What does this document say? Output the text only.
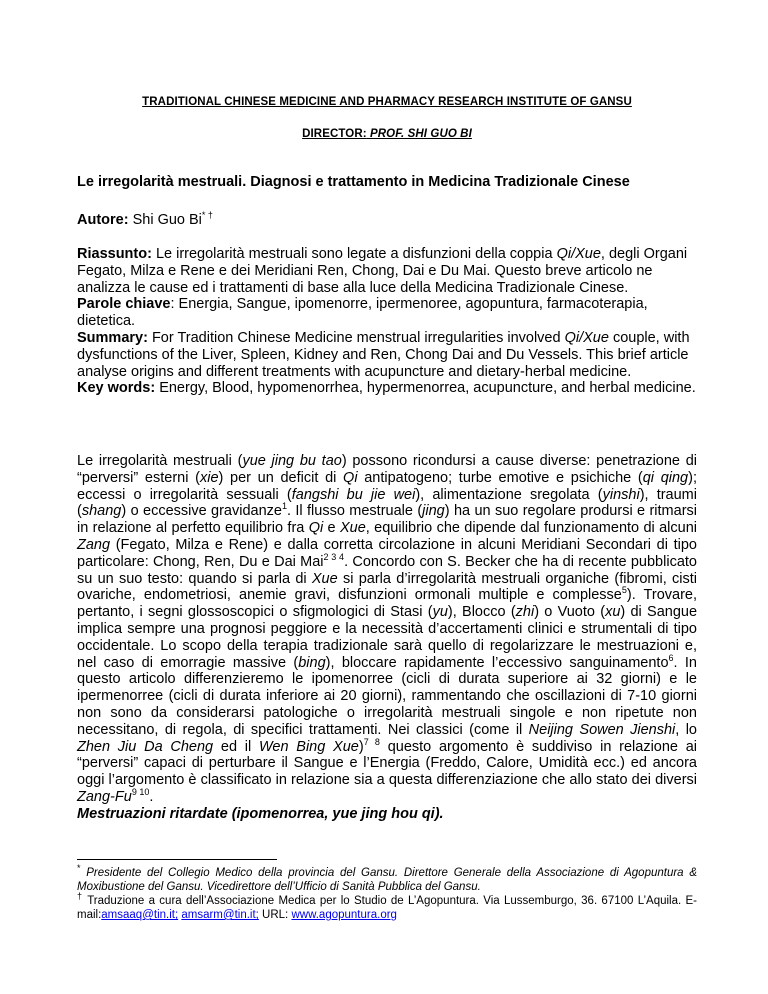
TRADITIONAL CHINESE MEDICINE AND PHARMACY RESEARCH INSTITUTE OF GANSU
DIRECTOR: PROF. SHI GUO BI
Le irregolarità mestruali. Diagnosi e trattamento in Medicina Tradizionale Cinese
Autore: Shi Guo Bi* †

Riassunto: Le irregolarità mestruali sono legate a disfunzioni della coppia Qi/Xue, degli Organi Fegato, Milza e Rene e dei Meridiani Ren, Chong, Dai e Du Mai. Questo breve articolo ne analizza le cause ed i trattamenti di base alla luce della Medicina Tradizionale Cinese.

Parole chiave: Energia, Sangue, ipomenorre, ipermenoree, agopuntura, farmacoterapia, dietetica.

Summary: For Tradition Chinese Medicine menstrual irregularities involved Qi/Xue couple, with dysfunctions of the Liver, Spleen, Kidney and Ren, Chong Dai and Du Vessels. This brief article analyse origins and different treatments with acupuncture and dietary-herbal medicine.

Key words: Energy, Blood, hypomenorrhea, hypermenorrea, acupuncture, and herbal medicine.

Le irregolarità mestruali (yue jing bu tao) possono ricondursi a cause diverse: penetrazione di “perversi” esterni (xie) per un deficit di Qi antipatogeno; turbe emotive e psichiche (qi qing); eccessi o irregolarità sessuali (fangshi bu jie wei), alimentazione sregolata (yinshi), traumi (shang) o eccessive gravidanze$^1$. Il flusso mestruale (jing) ha un suo regolare prodursi e ritmarsi in relazione al perfetto equilibrio fra Qi e Xue, equilibrio che dipende dal funzionamento di alcuni Zang (Fegato, Milza e Rene) e dalla corretta circolazione in alcuni Meridiani Secondari di tipo particolare: Chong, Ren, Du e Dai Mai$^{2 3 4}$. Concordo con S. Becker che ha di recente pubblicato su un suo testo: quando si parla di Xue si parla d’irregolarità mestruali organiche (fibromi, cisti ovariche, endometriosi, anemie gravi, disfunzioni ormonali multiple e complesse$^5$). Trovare, pertanto, i segni glossoscopici o sfigmologici di Stasi (yu), Blocco (zhi) o Vuoto (xu) di Sangue implica sempre una prognosi peggiore e la necessità d’accertamenti clinici e strumentali di tipo occidentale. Lo scopo della terapia tradizionale sarà quello di regolarizzare le mestruazioni e, nel caso di emorragie massive (bing), bloccare rapidamente l’eccessivo sanguinamento$^6$. In questo articolo differenzieremo le ipomenorree (cicli di durata superiore ai 32 giorni) e le ipermenorree (cicli di durata inferiore ai 20 giorni), rammentando che oscillazioni di 7-10 giorni non sono da considerarsi patologiche o irregolarità mestruali singole e non ripetute non necessitano, di regola, di specifici trattamenti. Nei classici (come il Neijing Sowen Jienshi, lo Zhen Jiu Da Cheng ed il Wen Bing Xue)$^{7 8}$ questo argomento è suddiviso in relazione ai “perversi” capaci di perturbare il Sangue e l’Energia (Freddo, Calore, Umidità ecc.) ed ancora oggi l’argomento è classificato in relazione sia a questa differenziazione che allo stato dei diversi Zang-$Fu^{9 10}$.

Mestruazioni ritardate (ipomenorrea, yue jing hou qi).

* Presidente del Collegio Medico della provincia del Gansu. Direttore Generale della Associazione di Agopuntura & Moxibustione del Gansu. Vicedirettore dell’Ufficio di Sanità Pubblica del Gansu.

† Traduzione a cura dell’Associazione Medica per lo Studio de L’Agopuntura. Via Lussemburgo, 36. 67100 L’Aquila. E-mail:amsaaq@tin.it; amsarm@tin.it; URL: www.agopuntura.org
